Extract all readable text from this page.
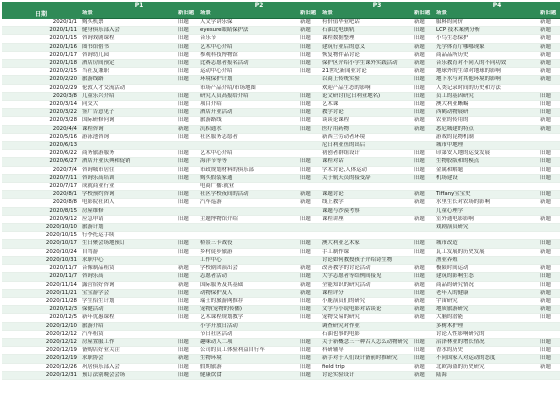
日期	P1		P2		P3		P4	
	场景	新旧题	场景	新旧题	场景	新旧题	场景	新旧题
2020/1/1	购买机票	旧题	人文学讲乐保	新题	有价值毕业吧话	新题	服料的同价	新题
2020/1/11	健身俱乐部入会	旧题	eyesure眼睛保护法	新题	石油北电镇轨	旧题	LCP 技术案例分析	新题
2020/1/15	咨询戏剧课程	旧题	音乐节	旧题	课程数据整理	旧题	小鸟生态保护	新题
2020/1/16	图书馆借书	旧题	艺术中心介绍	旧题	建筑行业后的意义	新题	光学体育厅哪哪现象	新题
2020/1/17	咨询幼儿园	旧题	参观科技博物馆	旧题	恢复物件品讨论	新题	商品品所历史	新题
2020/1/18	酒店房间预定	旧题	比赛志愿者报名活动	旧题	保护区介绍小学生课外实践活动	新题	音乐教育对不同人的不同功效	新题
2020/2/15	当社友兼职	旧题	运动中心介绍	旧题	21世纪新闻业讨论	新题	地球外的生命对地球的影响	新题
2020/2/20	旅游线路	旧题	环境保护计划		以商上传统实验	旧题	地下水与对其他环境的影响	新题
2020/2/29	伦敦人才交流活动		市场产品介绍/市场地图		欢迎产品生态的影响	旧题	人类记录时间的历史和方法	
2020/3/8	儿童乐兴介绍	旧题	研究人员高报给介绍	旧题	论文研讨(尼日利亚地名)	旧题	员工的基因研究	旧题
2020/3/14	同交大	旧题	项目介绍	旧题	艺术课	旧题	澳大利亚蜥蜴	旧题
2020/3/22	签广告意见子	旧题	酒店开业活动	旧题	教学讨论	旧题	西鹤动物展研	旧题
2020/3/28	国际研修问询	旧题	旅游路线	旧题	谈谈论课程	新题	农业的传用的	新题
2020/4/4	课程咨询	新题	沉积通水	旧题	医疗用药物	新题	悉尼城建的特点	新题
2020/5/16	游泳池咨询	旧题	社区服务志愿者		新西兰劳动者环境		游戏的昆物机制	
2020/6/13					尼日利亚鱼的出后		城市中地理	
2020/6/22	商务旅游服务	旧题	艺术中心介绍		初创者群组设计	旧题	印第安人地的运变发展	旧题
2020/6/27	酒店开业庆典和促销	旧题	海洋节等等	旧题	课程对话	旧题	生物胶版和的模点	旧题
2020/7/4	咨询城市居住	旧题	市政规划材料的俱乐部	旧题	学术讨论,人体运动	旧题	金属和解题	旧题
2020/7/11	咨询乐高培训	旧题	购买假装家通	旧题	关于航天员的接受辞	旧题	机场建设	旧题
2020/7/17	成就商业行业		电商广播:就业					
2020/8/1	学校预约咨询	旧题	社区学校夜间的活动	新题	课题讨论	新题	Tiffany宝宝史	旧题
2020/8/8	电影院社团人	旧题	汽车巡游	新题	线上教学	新题	水里生长对农场的影响	新题
2020/8/15	房屋维修				课题与沙漠考察		儿童心理学	
2020/9/12	应急申请	旧题	主题博物馆介绍	旧题	课程讲座	新题	室外通电影影响	新题
2020/10/10	旅游计划						戏剧演员研究	
2020/10/15	行李托运手续							
2020/10/17	生日聚会场地预订	旧题	桥景三卡战役	旧题	澳大利亚艺术家	旧题	城市改造	旧题
2020/10/24	自驾游	旧题	乡村徒步旅游	旧题	手工制作课	旧题	瓦工发展的历史发展	新题
2020/10/31	求职中心		工作中心		讨论如何教授孩子介绍诗生物		渔业养殖	
2020/11/7	音像制品租赁	新题	学校剧团演出会	新题	改善教学的讨论活动	新题	极限时间运动	新题
2020/11/7	咨询乐高	旧题	志愿者活动	旧题	大学志愿者等结例间接见	旧题	建筑的影响生态	旧题
2020/11/14	露营宿好咨询	新题	国际服务及其基础	新题	全能知识的研究活动	新题	商品的研究情况	旧题
2020/11/21	宝宝游学会	旧题	动物保护及人	新题	课程评分	旧题	老年人的健康	新题
2020/11/28	学生招生计划	旧题	瑞士的旅游网推荐	旧题	小鹿演员们的研究	新题	宇宙研究	新题
2020/12/3	保健活动	旧题	宠物(宠物的传播)	旧题	文学与小说电影对话谈论	新题	地质旅游研究	新题
2020/12/5	新年优惠课程	旧题	艺术课程规划教学	旧题	宠物交易的研究	新题	大脑的潜能	旧题
2020/12/10	旅游介绍		小学开放日活动		调查研究对作业		多树木护理	
2020/12/12	汽车租赁		节日社区活动		石油也事的电影		讨论人性影响研究的	
2020/12/12	房屋置服工作	旧题	趣味动人二项	旧题	关于新概念三一种古人怎么动物研究	旧题	沼泽林业的增长情况	旧题
2020/12/19	备购店好业关注	旧题	公司的员工体验利益自行车	旧题	科研辅导	旧题	香水的历史	旧题
2020/12/19	求职协会	新题	生物环境	旧题	新手对于人们设计备前时推研究	旧题	不同国家人对运动的态度	旧题
2020/12/26	巩居俱乐部入会	旧题	假期旅游	旧题	field trip	新题	北欧海盗的历史研究	新题
2020/12/31	预订法别晚会会场	旧题	健康饮食	旧题	讨论实验设计	新题	陆海	
